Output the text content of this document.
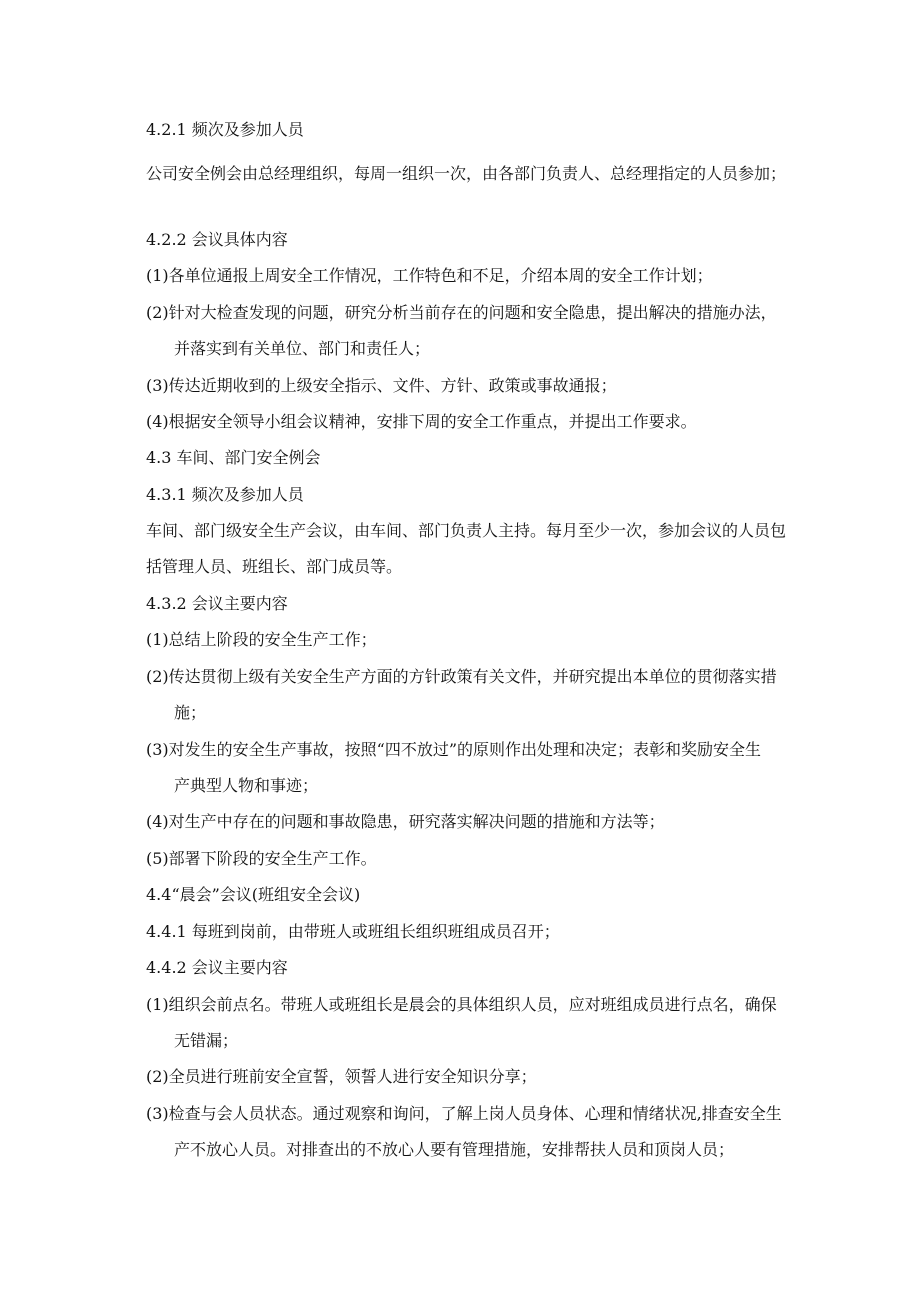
4.2.1 频次及参加人员
公司安全例会由总经理组织，每周一组织一次，由各部门负责人、总经理指定的人员参加；
4.2.2 会议具体内容
(1)各单位通报上周安全工作情况，工作特色和不足，介绍本周的安全工作计划；
(2)针对大检查发现的问题，研究分析当前存在的问题和安全隐患，提出解决的措施办法，
并落实到有关单位、部门和责任人；
(3)传达近期收到的上级安全指示、文件、方针、政策或事故通报；
(4)根据安全领导小组会议精神，安排下周的安全工作重点，并提出工作要求。
4.3 车间、部门安全例会
4.3.1 频次及参加人员
车间、部门级安全生产会议，由车间、部门负责人主持。每月至少一次，参加会议的人员包
括管理人员、班组长、部门成员等。
4.3.2 会议主要内容
(1)总结上阶段的安全生产工作；
(2)传达贯彻上级有关安全生产方面的方针政策有关文件，并研究提出本单位的贯彻落实措
施；
(3)对发生的安全生产事故，按照“四不放过”的原则作出处理和决定；表彰和奖励安全生
产典型人物和事迹；
(4)对生产中存在的问题和事故隐患，研究落实解决问题的措施和方法等；
(5)部署下阶段的安全生产工作。
4.4“晨会”会议(班组安全会议)
4.4.1 每班到岗前，由带班人或班组长组织班组成员召开；
4.4.2 会议主要内容
(1)组织会前点名。带班人或班组长是晨会的具体组织人员，应对班组成员进行点名，确保
无错漏；
(2)全员进行班前安全宣誓，领誓人进行安全知识分享；
(3)检查与会人员状态。通过观察和询问，了解上岗人员身体、心理和情绪状况,排查安全生
产不放心人员。对排查出的不放心人要有管理措施，安排帮扶人员和顶岗人员；
